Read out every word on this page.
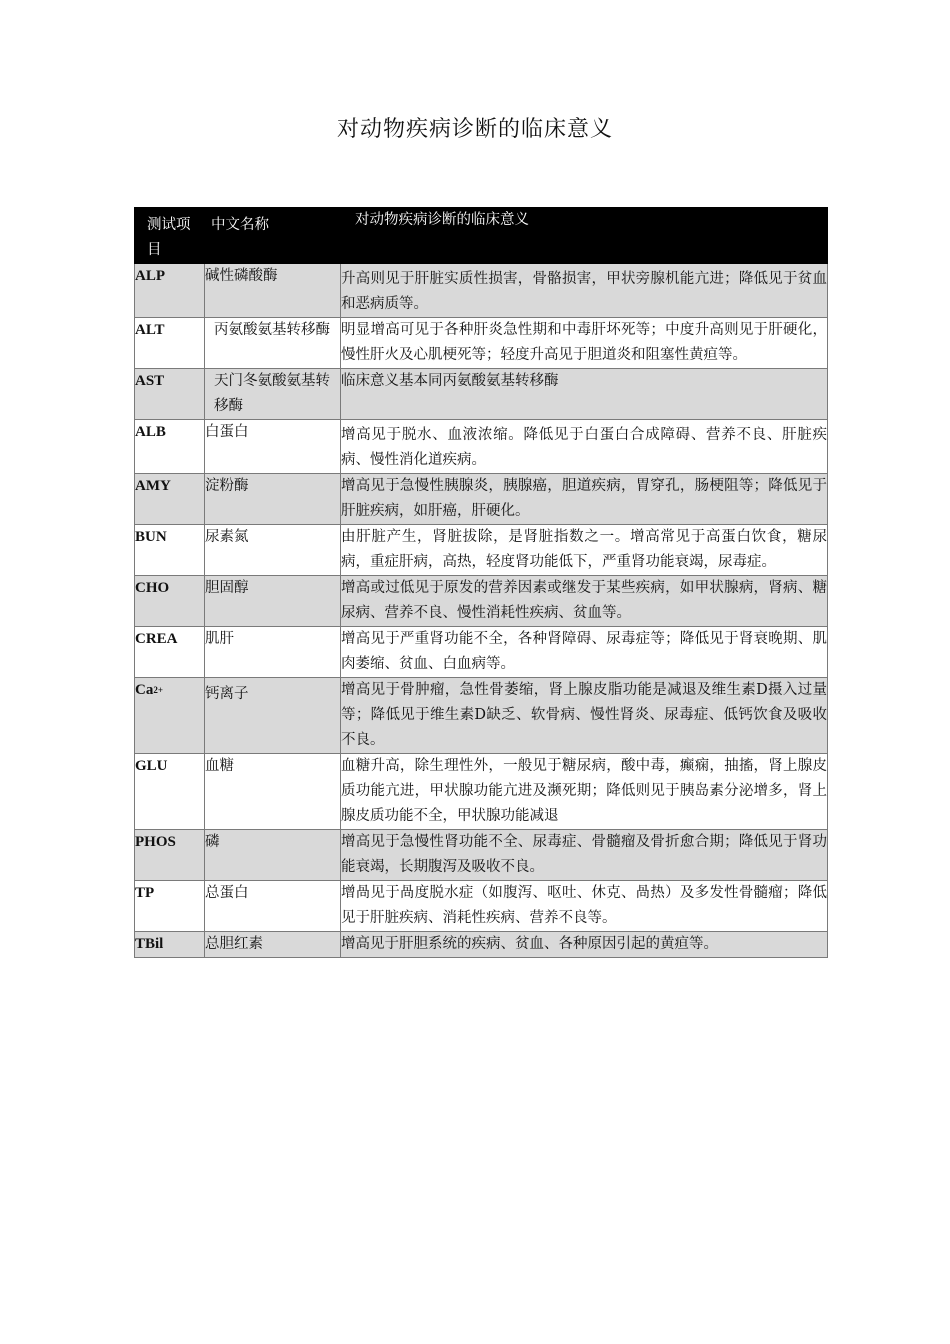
对动物疾病诊断的临床意义
测试项目	中文名称	对动物疾病诊断的临床意义

ALP	碱性磷酸酶	升高则见于肝脏实质性损害，骨骼损害，甲状旁腺机能亢进；降低见于贫血和恶病质等。

ALT	丙氨酸氨基转移酶	明显增高可见于各种肝炎急性期和中毒肝坏死等；中度升高则见于肝硬化，慢性肝火及心肌梗死等；轻度升高见于胆道炎和阻塞性黄疸等。

AST	天门冬氨酸氨基转移酶	临床意义基本同丙氨酸氨基转移酶

ALB	白蛋白	增高见于脱水、血液浓缩。降低见于白蛋白合成障碍、营养不良、肝脏疾病、慢性消化道疾病。

AMY	淀粉酶	增高见于急慢性胰腺炎，胰腺癌，胆道疾病，胃穿孔，肠梗阻等；降低见于肝脏疾病，如肝癌，肝硬化。

BUN	尿素氮	由肝脏产生，肾脏拔除，是肾脏指数之一。增高常见于高蛋白饮食，糖尿病，重症肝病，高热，轻度肾功能低下，严重肾功能衰竭，尿毒症。

CHO	胆固醇	增高或过低见于原发的营养因素或继发于某些疾病，如甲状腺病，肾病、糖尿病、营养不良、慢性消耗性疾病、贫血等。

CREA	肌肝	增高见于严重肾功能不全，各种肾障碍、尿毒症等；降低见于肾衰晚期、肌肉萎缩、贫血、白血病等。

Ca2+	钙离子	增高见于骨肿瘤，急性骨萎缩，肾上腺皮脂功能是减退及维生素D摄入过量等；降低见于维生素D缺乏、软骨病、慢性肾炎、尿毒症、低钙饮食及吸收不良。

GLU	血糖	血糖升高，除生理性外，一般见于糖尿病，酸中毒，癫痫，抽搐，肾上腺皮质功能亢进，甲状腺功能亢进及濒死期；降低则见于胰岛素分泌增多，肾上腺皮质功能不全，甲状腺功能减退

PHOS	磷	增高见于急慢性肾功能不全、尿毒症、骨髓瘤及骨折愈合期；降低见于肾功能衰竭，长期腹泻及吸收不良。

TP	总蛋白	增咼见于咼度脱水症（如腹泻、呕吐、休克、咼热）及多发性骨髓瘤；降低见于肝脏疾病、消耗性疾病、营养不良等。

TBil	总胆红素	增高见于肝胆系统的疾病、贫血、各种原因引起的黄疸等。
